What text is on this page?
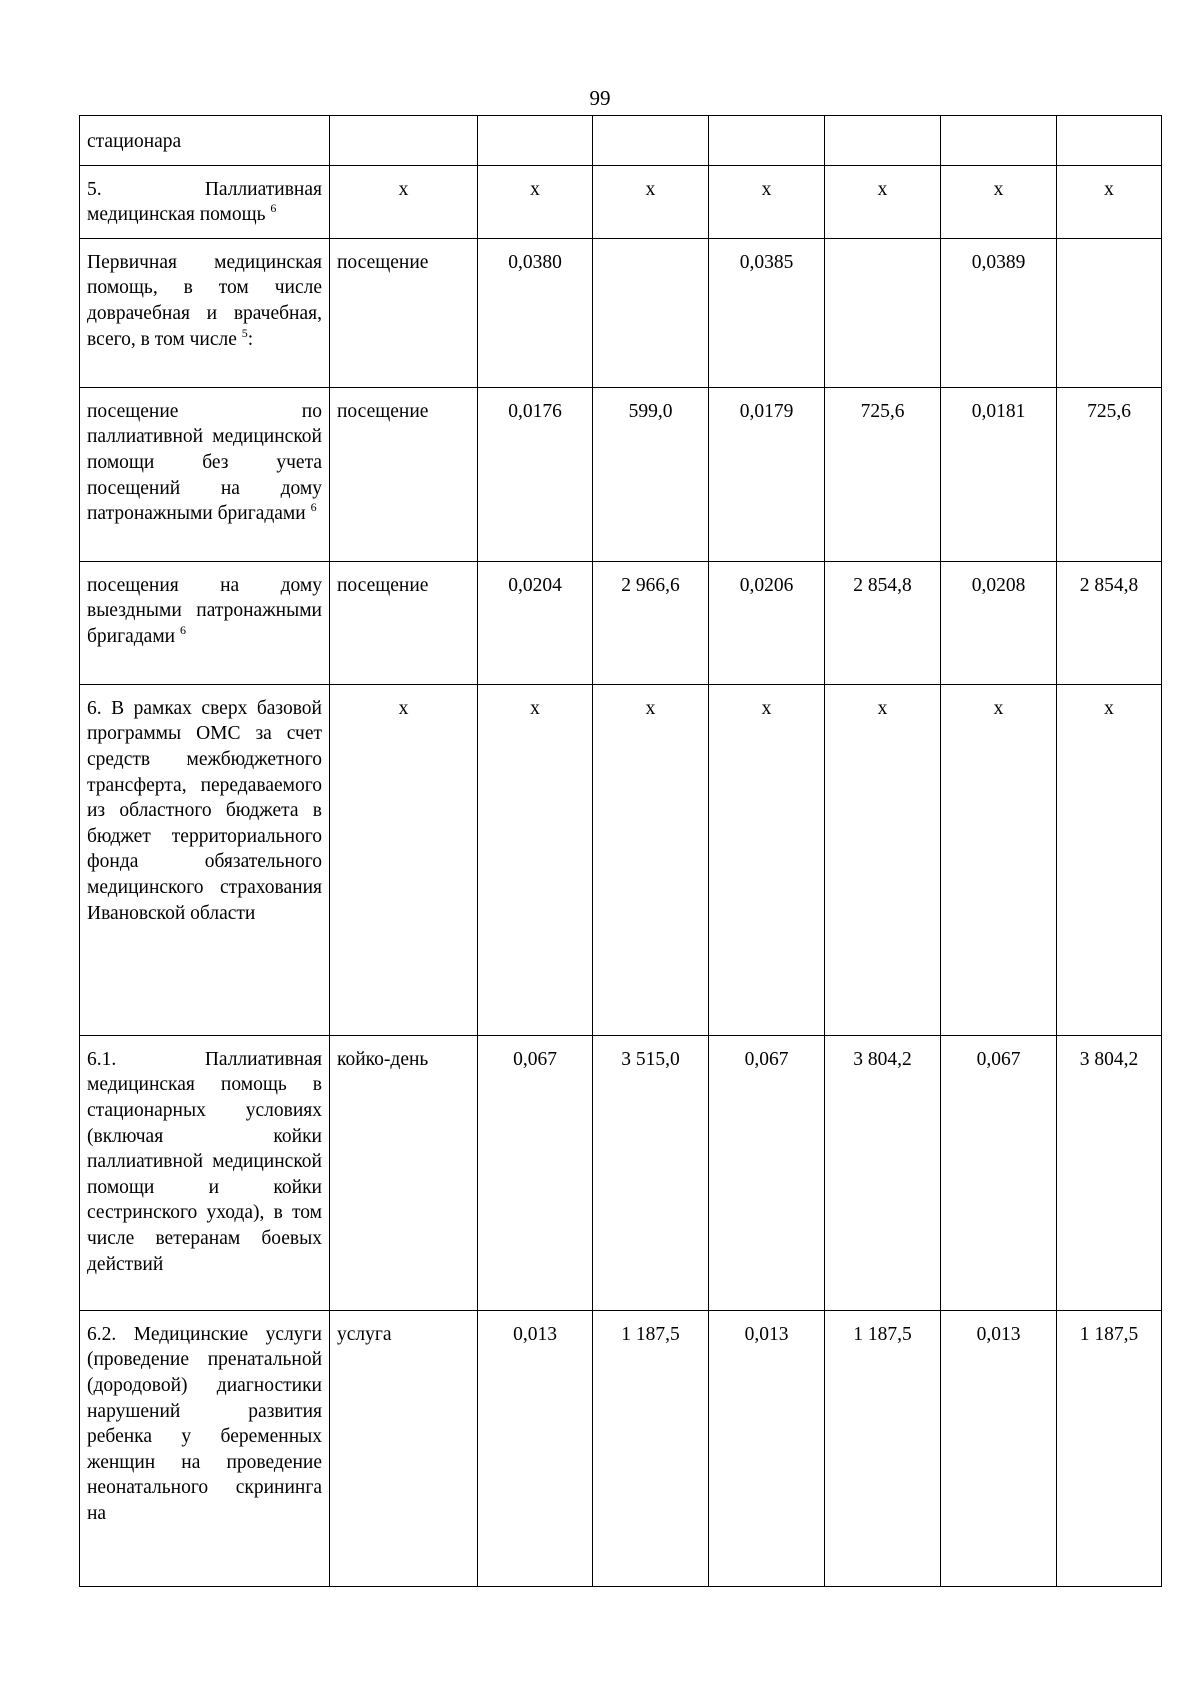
99
стационара							
5. Паллиативная медицинская помощь $^6$	x	x	x	x	x	x	x
Первичная медицинская помощь, в том числе доврачебная и врачебная, всего, в том числе $^5$:	посещение	0,0380		0,0385		0,0389	
посещение по паллиативной медицинской помощи без учета посещений на дому патронажными бригадами $^6$	посещение	0,0176	599,0	0,0179	725,6	0,0181	725,6
посещения на дому выездными патронажными бригадами $^6$	посещение	0,0204	2 966,6	0,0206	2 854,8	0,0208	2 854,8
6. В рамках сверх базовой программы ОМС за счет средств межбюджетного трансферта, передаваемого из областного бюджета в бюджет территориального фонда обязательного медицинского страхования Ивановской области	x	x	x	x	x	x	x
6.1. Паллиативная медицинская помощь в стационарных условиях (включая койки паллиативной медицинской помощи и койки сестринского ухода), в том числе ветеранам боевых действий	койко-день	0,067	3 515,0	0,067	3 804,2	0,067	3 804,2
6.2. Медицинские услуги (проведение пренатальной (дородовой) диагностики нарушений развития ребенка у беременных женщин на проведение неонатального скрининга на	услуга	0,013	1 187,5	0,013	1 187,5	0,013	1 187,5
